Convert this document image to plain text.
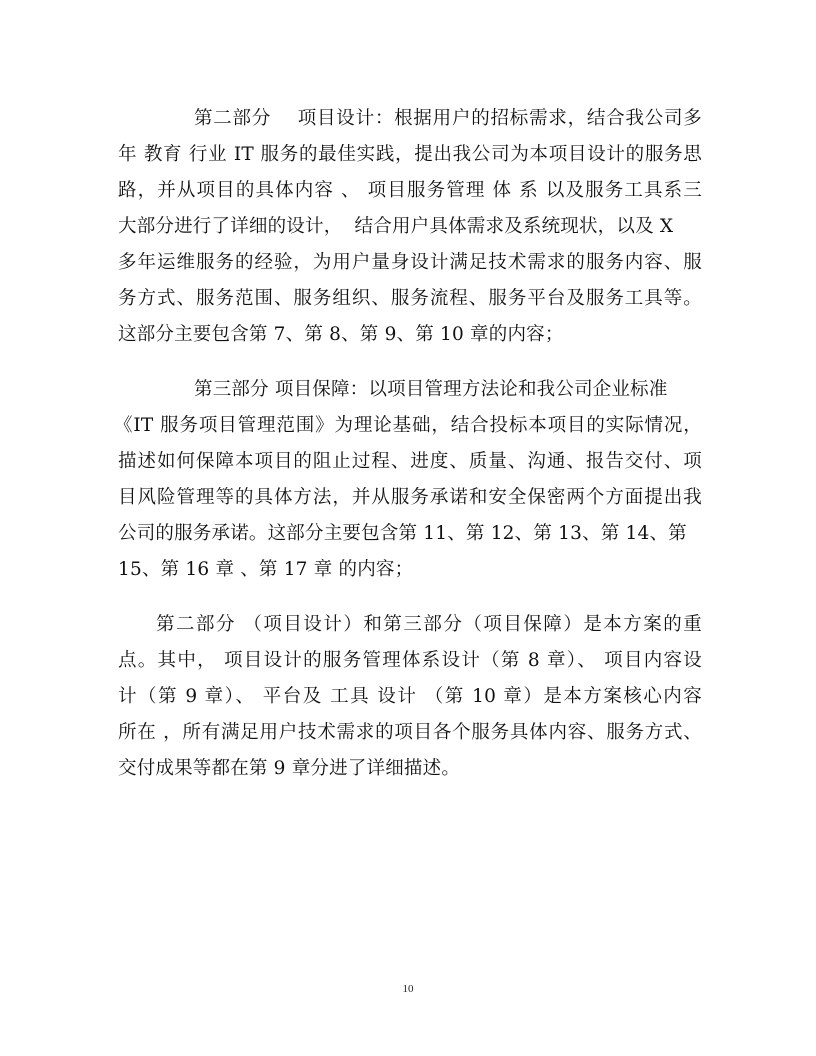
第二部分    项目设计：根据用户的招标需求，结合我公司多
年 教育 行业 IT 服务的最佳实践，提出我公司为本项目设计的服务思
路，并从项目的具体内容 、 项目服务管理 体 系 以及服务工具系三
大部分进行了详细的设计，  结合用户具体需求及系统现状，以及 X
多年运维服务的经验，为用户量身设计满足技术需求的服务内容、服
务方式、服务范围、服务组织、服务流程、服务平台及服务工具等。
这部分主要包含第 7、第 8、第 9、第 10 章的内容；
第三部分 项目保障：以项目管理方法论和我公司企业标准
《IT 服务项目管理范围》为理论基础，结合投标本项目的实际情况，
描述如何保障本项目的阻止过程、进度、质量、沟通、报告交付、项
目风险管理等的具体方法，并从服务承诺和安全保密两个方面提出我
公司的服务承诺。这部分主要包含第 11、第 12、第 13、第 14、第
15、第 16 章 、第 17 章 的内容；
第二部分 （项目设计）和第三部分（项目保障）是本方案的重
点。其中， 项目设计的服务管理体系设计（第 8 章）、 项目内容设
计（第 9 章）、 平台及 工具 设计 （第 10 章）是本方案核心内容
所在 ，所有满足用户技术需求的项目各个服务具体内容、服务方式、
交付成果等都在第 9 章分进了详细描述。
10
